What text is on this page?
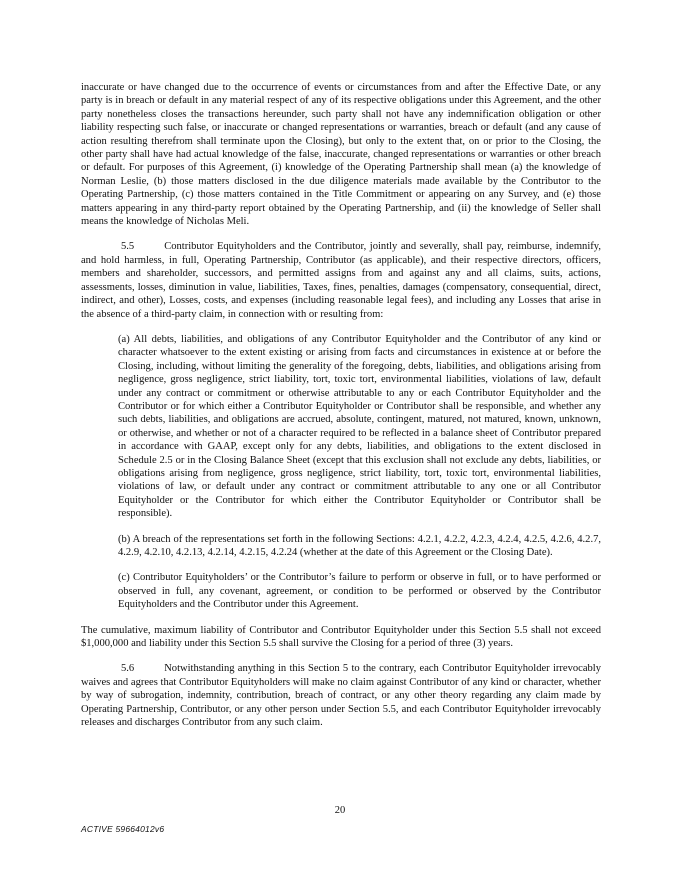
inaccurate or have changed due to the occurrence of events or circumstances from and after the Effective Date, or any party is in breach or default in any material respect of any of its respective obligations under this Agreement, and the other party nonetheless closes the transactions hereunder, such party shall not have any indemnification obligation or other liability respecting such false, or inaccurate or changed representations or warranties, breach or default (and any cause of action resulting therefrom shall terminate upon the Closing), but only to the extent that, on or prior to the Closing, the other party shall have had actual knowledge of the false, inaccurate, changed representations or warranties or other breach or default. For purposes of this Agreement, (i) knowledge of the Operating Partnership shall mean (a) the knowledge of Norman Leslie, (b) those matters disclosed in the due diligence materials made available by the Contributor to the Operating Partnership, (c) those matters contained in the Title Commitment or appearing on any Survey, and (e) those matters appearing in any third-party report obtained by the Operating Partnership, and (ii) the knowledge of Seller shall means the knowledge of Nicholas Meli.

5.5	Contributor Equityholders and the Contributor, jointly and severally, shall pay, reimburse, indemnify, and hold harmless, in full, Operating Partnership, Contributor (as applicable), and their respective directors, officers, members and shareholder, successors, and permitted assigns from and against any and all claims, suits, actions, assessments, losses, diminution in value, liabilities, Taxes, fines, penalties, damages (compensatory, consequential, direct, indirect, and other), Losses, costs, and expenses (including reasonable legal fees), and including any Losses that arise in the absence of a third-party claim, in connection with or resulting from:

(a) All debts, liabilities, and obligations of any Contributor Equityholder and the Contributor of any kind or character whatsoever to the extent existing or arising from facts and circumstances in existence at or before the Closing, including, without limiting the generality of the foregoing, debts, liabilities, and obligations arising from negligence, gross negligence, strict liability, tort, toxic tort, environmental liabilities, violations of law, default under any contract or commitment or otherwise attributable to any or each Contributor Equityholder and the Contributor or for which either a Contributor Equityholder or Contributor shall be responsible, and whether any such debts, liabilities, and obligations are accrued, absolute, contingent, matured, not matured, known, unknown, or otherwise, and whether or not of a character required to be reflected in a balance sheet of Contributor prepared in accordance with GAAP, except only for any debts, liabilities, and obligations to the extent disclosed in Schedule 2.5 or in the Closing Balance Sheet (except that this exclusion shall not exclude any debts, liabilities, or obligations arising from negligence, gross negligence, strict liability, tort, toxic tort, environmental liabilities, violations of law, or default under any contract or commitment attributable to any one or all Contributor Equityholder or the Contributor for which either the Contributor Equityholder or Contributor shall be responsible).

(b) A breach of the representations set forth in the following Sections: 4.2.1, 4.2.2, 4.2.3, 4.2.4, 4.2.5, 4.2.6, 4.2.7, 4.2.9, 4.2.10, 4.2.13, 4.2.14, 4.2.15, 4.2.24 (whether at the date of this Agreement or the Closing Date).

(c) Contributor Equityholders’ or the Contributor’s failure to perform or observe in full, or to have performed or observed in full, any covenant, agreement, or condition to be performed or observed by the Contributor Equityholders and the Contributor under this Agreement.

The cumulative, maximum liability of Contributor and Contributor Equityholder under this Section 5.5 shall not exceed $1,000,000 and liability under this Section 5.5 shall survive the Closing for a period of three (3) years.

5.6	Notwithstanding anything in this Section 5 to the contrary, each Contributor Equityholder irrevocably waives and agrees that Contributor Equityholders will make no claim against Contributor of any kind or character, whether by way of subrogation, indemnity, contribution, breach of contract, or any other theory regarding any claim made by Operating Partnership, Contributor, or any other person under Section 5.5, and each Contributor Equityholder irrevocably releases and discharges Contributor from any such claim.

20
ACTIVE 59664012v6
